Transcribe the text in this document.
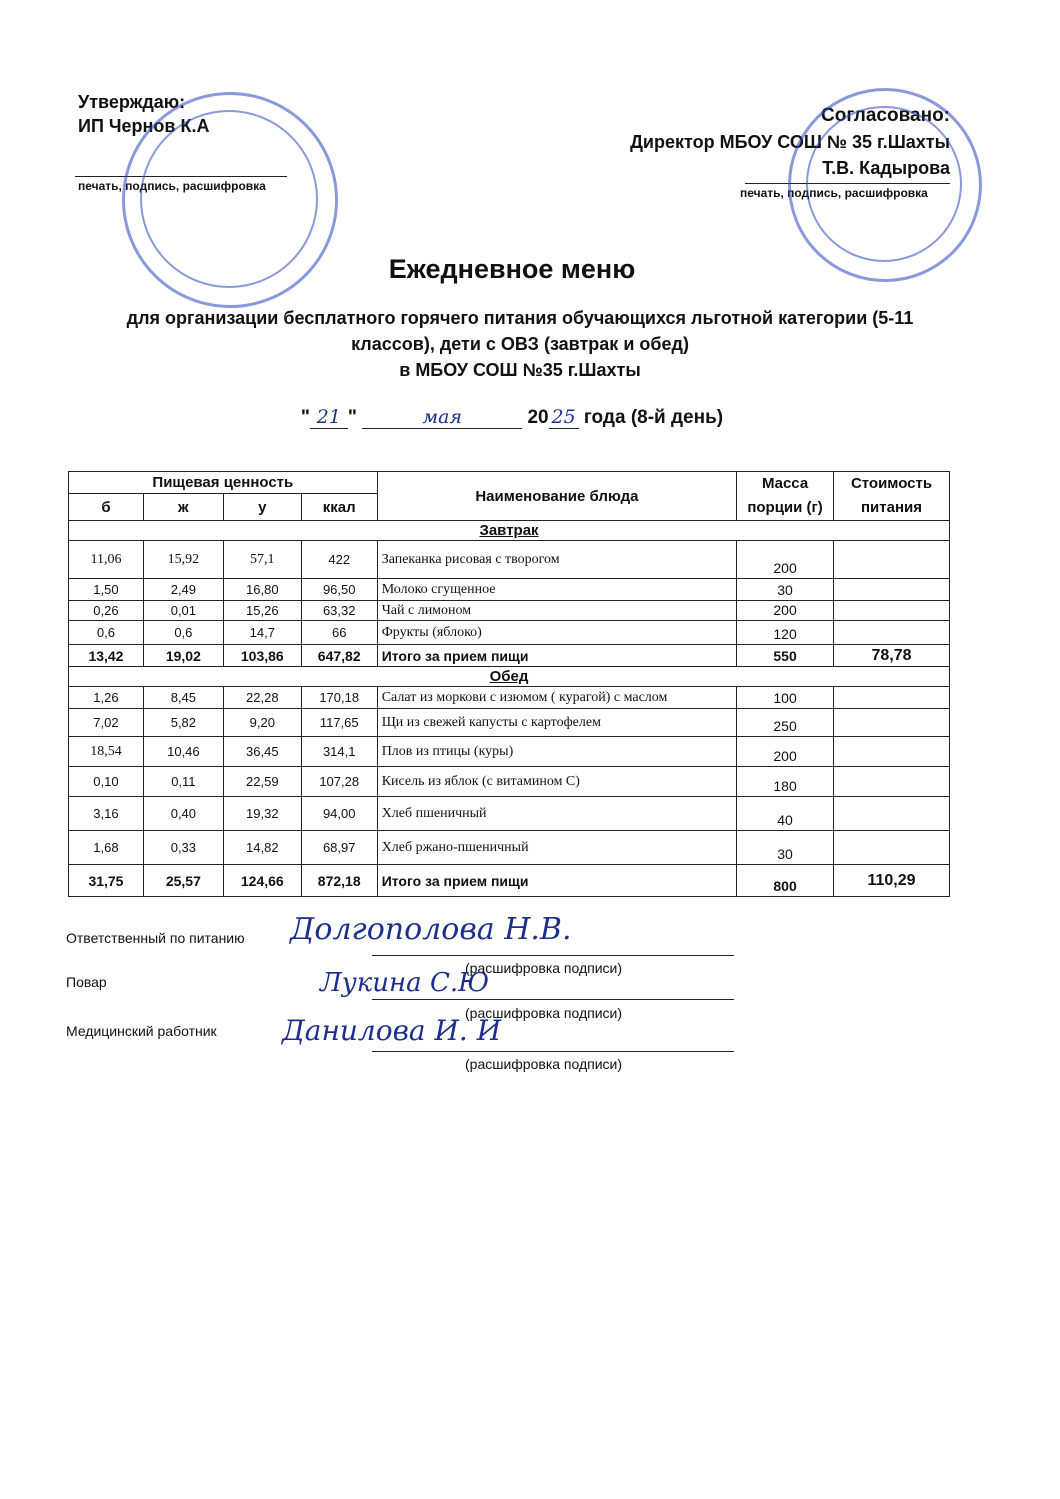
Утверждаю:
ИП Чернов К.А
печать, подпись, расшифровка
Согласовано:
Директор МБОУ СОШ № 35 г.Шахты
Т.В. Кадырова
печать, подпись, расшифровка
Ежедневное меню
для организации бесплатного горячего питания обучающихся льготной категории (5-11
классов), дети с ОВЗ (завтрак и обед)
в МБОУ СОШ №35 г.Шахты
" 21 "	мая	20 25 года (8-й день)
Пищевая ценность				Наименование блюда	Масса порции (г)	Стоимость питания
б	ж	у	ккал			
Завтрак						
11,06	15,92	57,1	422	Запеканка рисовая с творогом	200	
1,50	2,49	16,80	96,50	Молоко сгущенное	30	
0,26	0,01	15,26	63,32	Чай с лимоном	200	
0,6	0,6	14,7	66	Фрукты (яблоко)	120	
13,42	19,02	103,86	647,82	Итого за прием пищи	550	78,78
Обед						
1,26	8,45	22,28	170,18	Салат из моркови с изюмом ( курагой) с маслом	100	
7,02	5,82	9,20	117,65	Щи из свежей капусты с картофелем	250	
18,54	10,46	36,45	314,1	Плов из птицы (куры)	200	
0,10	0,11	22,59	107,28	Кисель из яблок (с витамином С)	180	
3,16	0,40	19,32	94,00	Хлеб пшеничный	40	
1,68	0,33	14,82	68,97	Хлеб ржано-пшеничный	30	
31,75	25,57	124,66	872,18	Итого за прием пищи	800	110,29
Ответственный по питанию Долгополова Н.В.
(расшифровка подписи)
Повар	Лукина С.Ю
(расшифровка подписи)
Медицинский работник Данилова И. И
(расшифровка подписи)
